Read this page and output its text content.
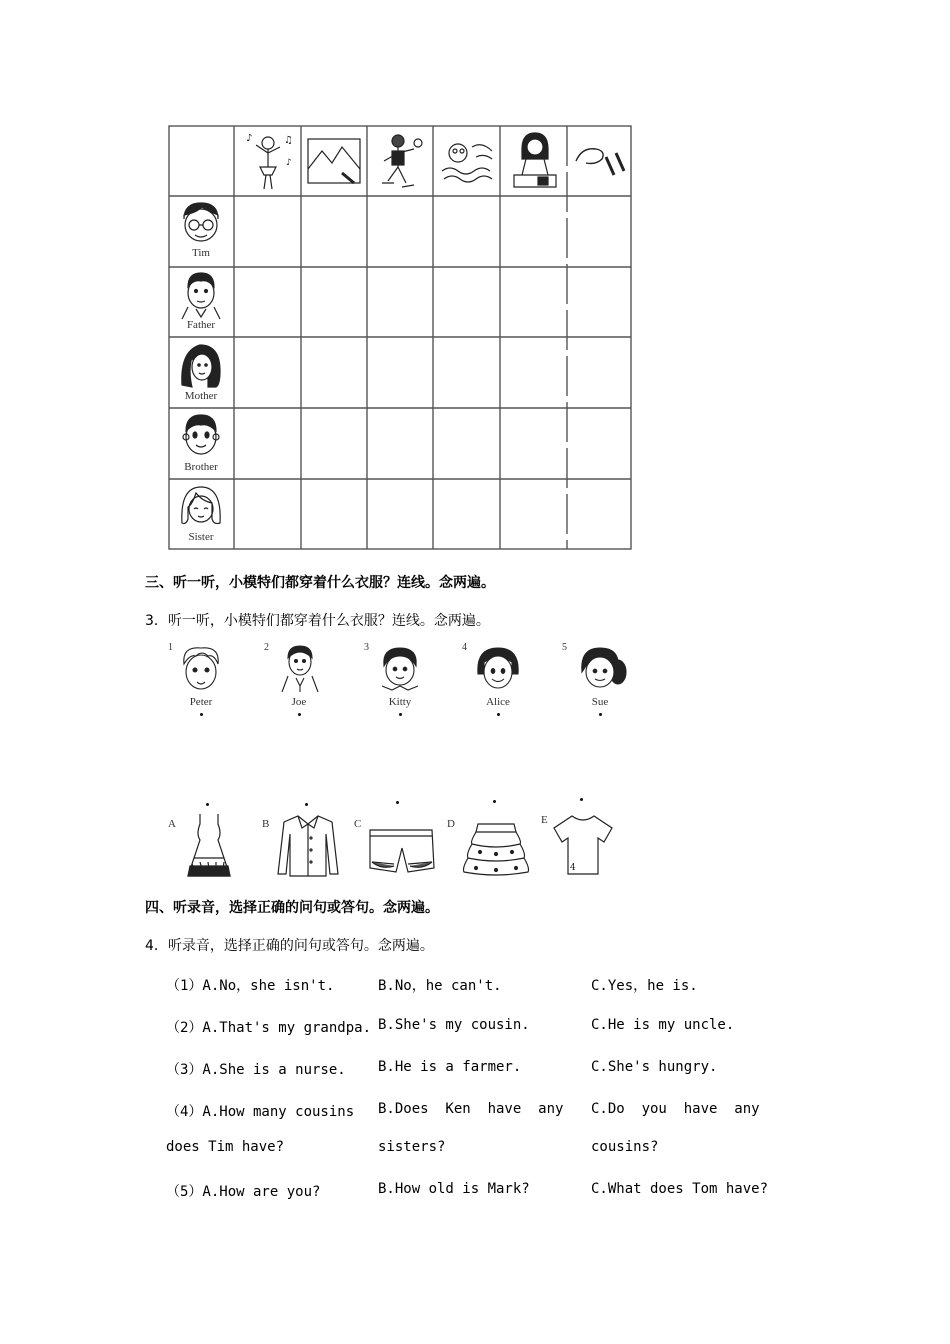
♪	♫
♪
Tim
Father
Mother
Brother
Sister
三、听一听，小模特们都穿着什么衣服？连线。念两遍。
3．听一听，小模特们都穿着什么衣服？连线。念两遍。
1
Peter
2
Joe
3
Kitty
4
Alice
5
Sue
A	B	C	D	E
4
四、听录音，选择正确的问句或答句。念两遍。
4．听录音，选择正确的问句或答句。念两遍。
（1）A.No，she isn't.	B.No，he can't.	C.Yes，he is.
（2）A.That's my grandpa. B.She's my cousin.	C.He is my uncle.
（3）A.She is a nurse. B.He is a farmer.	C.She's hungry.
（4）A.How many cousins
does Tim have?
B.Does  Ken  have  any
sisters?
C.Do  you  have  any
cousins?
（5）A.How are you?	B.How old is Mark?	C.What does Tom have?
